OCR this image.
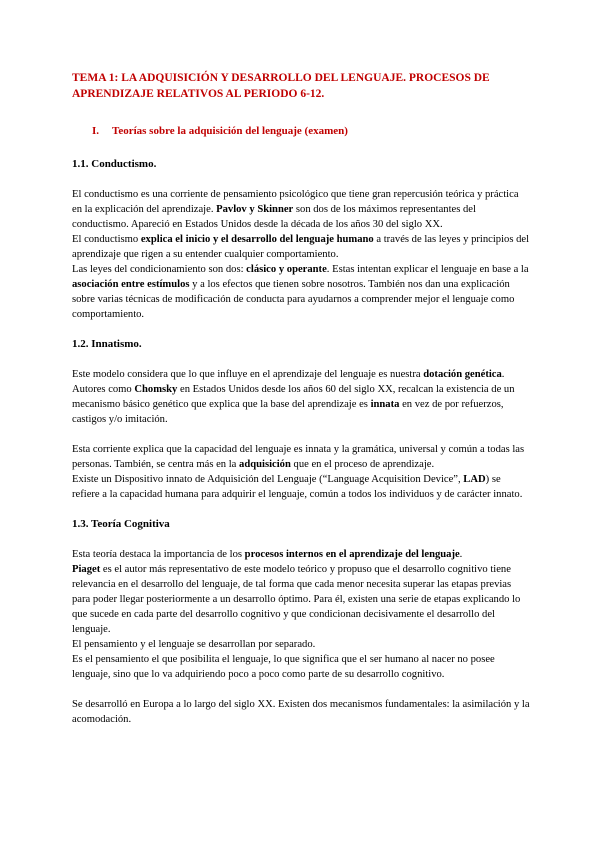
TEMA 1: LA ADQUISICIÓN Y DESARROLLO DEL LENGUAJE. PROCESOS DE APRENDIZAJE RELATIVOS AL PERIODO 6-12.
I. Teorías sobre la adquisición del lenguaje (examen)
1.1. Conductismo.

El conductismo es una corriente de pensamiento psicológico que tiene gran repercusión teórica y práctica en la explicación del aprendizaje. Pavlov y Skinner son dos de los máximos representantes del conductismo. Apareció en Estados Unidos desde la década de los años 30 del siglo XX.

El conductismo explica el inicio y el desarrollo del lenguaje humano a través de las leyes y principios del aprendizaje que rigen a su entender cualquier comportamiento.

Las leyes del condicionamiento son dos: clásico y operante. Estas intentan explicar el lenguaje en base a la asociación entre estímulos y a los efectos que tienen sobre nosotros. También nos dan una explicación sobre varias técnicas de modificación de conducta para ayudarnos a comprender mejor el lenguaje como comportamiento.

1.2. Innatismo.

Este modelo considera que lo que influye en el aprendizaje del lenguaje es nuestra dotación genética. Autores como Chomsky en Estados Unidos desde los años 60 del siglo XX, recalcan la existencia de un mecanismo básico genético que explica que la base del aprendizaje es innata en vez de por refuerzos, castigos y/o imitación.

Esta corriente explica que la capacidad del lenguaje es innata y la gramática, universal y común a todas las personas. También, se centra más en la adquisición que en el proceso de aprendizaje.

Existe un Dispositivo innato de Adquisición del Lenguaje (“Language Acquisition Device”, LAD) se refiere a la capacidad humana para adquirir el lenguaje, común a todos los individuos y de carácter innato.

1.3. Teoría Cognitiva

Esta teoría destaca la importancia de los procesos internos en el aprendizaje del lenguaje.

Piaget es el autor más representativo de este modelo teórico y propuso que el desarrollo cognitivo tiene relevancia en el desarrollo del lenguaje, de tal forma que cada menor necesita superar las etapas previas para poder llegar posteriormente a un desarrollo óptimo. Para él, existen una serie de etapas explicando lo que sucede en cada parte del desarrollo cognitivo y que condicionan decisivamente el desarrollo del lenguaje.

El pensamiento y el lenguaje se desarrollan por separado.

Es el pensamiento el que posibilita el lenguaje, lo que significa que el ser humano al nacer no posee lenguaje, sino que lo va adquiriendo poco a poco como parte de su desarrollo cognitivo.

Se desarrolló en Europa a lo largo del siglo XX. Existen dos mecanismos fundamentales: la asimilación y la acomodación.
